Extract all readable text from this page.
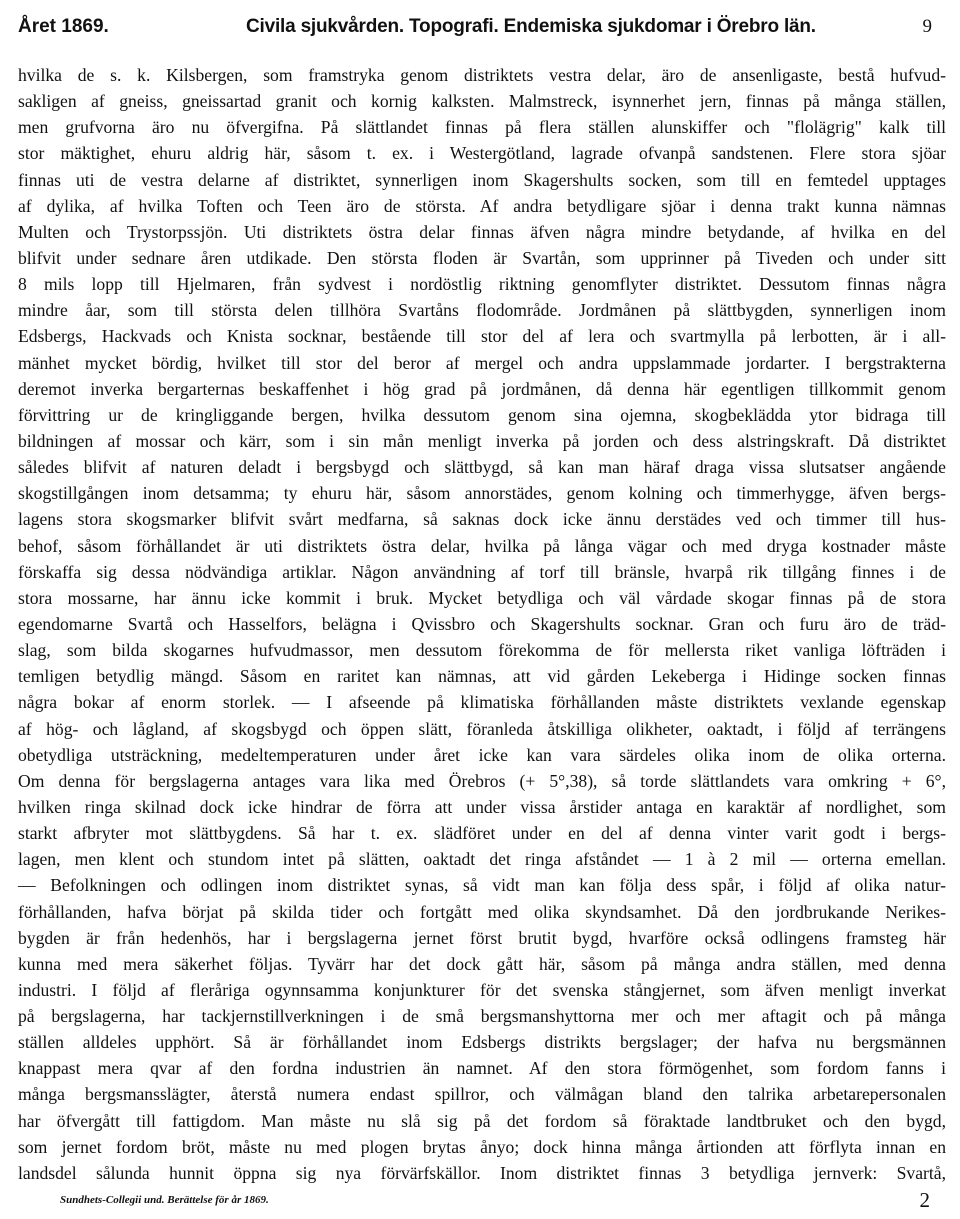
Året 1869.	Civila sjukvården. Topografi. Endemiska sjukdomar i Örebro län.	9
hvilka de s. k. Kilsbergen, som framstryka genom distriktets vestra delar, äro de ansenligaste, bestå hufvud-
sakligen af gneiss, gneissartad granit och kornig kalksten. Malmstreck, isynnerhet jern, finnas på många ställen,
men grufvorna äro nu öfvergifna. På slättlandet finnas på flera ställen alunskiffer och "flolägrig" kalk till
stor mäktighet, ehuru aldrig här, såsom t. ex. i Westergötland, lagrade ofvanpå sandstenen. Flere stora sjöar
finnas uti de vestra delarne af distriktet, synnerligen inom Skagershults socken, som till en femtedel upptages
af dylika, af hvilka Toften och Teen äro de största. Af andra betydligare sjöar i denna trakt kunna nämnas
Multen och Trystorpssjön. Uti distriktets östra delar finnas äfven några mindre betydande, af hvilka en del
blifvit under sednare åren utdikade. Den största floden är Svartån, som upprinner på Tiveden och under sitt
8 mils lopp till Hjelmaren, från sydvest i nordöstlig riktning genomflyter distriktet. Dessutom finnas några
mindre åar, som till största delen tillhöra Svartåns flodområde. Jordmånen på slättbygden, synnerligen inom
Edsbergs, Hackvads och Knista socknar, bestående till stor del af lera och svartmylla på lerbotten, är i all-
mänhet mycket bördig, hvilket till stor del beror af mergel och andra uppslammade jordarter. I bergstrakterna
deremot inverka bergarternas beskaffenhet i hög grad på jordmånen, då denna här egentligen tillkommit genom
förvittring ur de kringliggande bergen, hvilka dessutom genom sina ojemna, skogbeklädda ytor bidraga till
bildningen af mossar och kärr, som i sin mån menligt inverka på jorden och dess alstringskraft. Då distriktet
således blifvit af naturen deladt i bergsbygd och slättbygd, så kan man häraf draga vissa slutsatser angående
skogstillgången inom detsamma; ty ehuru här, såsom annorstädes, genom kolning och timmerhygge, äfven bergs-
lagens stora skogsmarker blifvit svårt medfarna, så saknas dock icke ännu derstädes ved och timmer till hus-
behof, såsom förhållandet är uti distriktets östra delar, hvilka på långa vägar och med dryga kostnader måste
förskaffa sig dessa nödvändiga artiklar. Någon användning af torf till bränsle, hvarpå rik tillgång finnes i de
stora mossarne, har ännu icke kommit i bruk. Mycket betydliga och väl vårdade skogar finnas på de stora
egendomarne Svartå och Hasselfors, belägna i Qvissbro och Skagershults socknar. Gran och furu äro de träd-
slag, som bilda skogarnes hufvudmassor, men dessutom förekomma de för mellersta riket vanliga löfträden i
temligen betydlig mängd. Såsom en raritet kan nämnas, att vid gården Lekeberga i Hidinge socken finnas
några bokar af enorm storlek. — I afseende på klimatiska förhållanden måste distriktets vexlande egenskap
af hög- och lågland, af skogsbygd och öppen slätt, föranleda åtskilliga olikheter, oaktadt, i följd af terrängens
obetydliga utsträckning, medeltemperaturen under året icke kan vara särdeles olika inom de olika orterna.
Om denna för bergslagerna antages vara lika med Örebros (+ 5°,38), så torde slättlandets vara omkring + 6°,
hvilken ringa skilnad dock icke hindrar de förra att under vissa årstider antaga en karaktär af nordlighet, som
starkt afbryter mot slättbygdens. Så har t. ex. slädföret under en del af denna vinter varit godt i bergs-
lagen, men klent och stundom intet på slätten, oaktadt det ringa afståndet — 1 à 2 mil — orterna emellan.
— Befolkningen och odlingen inom distriktet synas, så vidt man kan följa dess spår, i följd af olika natur-
förhållanden, hafva börjat på skilda tider och fortgått med olika skyndsamhet. Då den jordbrukande Nerikes-
bygden är från hedenhös, har i bergslagerna jernet först brutit bygd, hvarföre också odlingens framsteg här
kunna med mera säkerhet följas. Tyvärr har det dock gått här, såsom på många andra ställen, med denna
industri. I följd af fleråriga ogynnsamma konjunkturer för det svenska stångjernet, som äfven menligt inverkat
på bergslagerna, har tackjernstillverkningen i de små bergsmanshyttorna mer och mer aftagit och på många
ställen alldeles upphört. Så är förhållandet inom Edsbergs distrikts bergslager; der hafva nu bergsmännen
knappast mera qvar af den fordna industrien än namnet. Af den stora förmögenhet, som fordom fanns i
många bergsmansslägter, återstå numera endast spillror, och välmågan bland den talrika arbetarepersonalen
har öfvergått till fattigdom. Man måste nu slå sig på det fordom så föraktade landtbruket och den bygd,
som jernet fordom bröt, måste nu med plogen brytas ånyo; dock hinna många årtionden att förflyta innan en
landsdel sålunda hunnit öppna sig nya förvärfskällor. Inom distriktet finnas 3 betydliga jernverk: Svartå,
Sundhets-Collegii und. Berättelse för år 1869.	2
